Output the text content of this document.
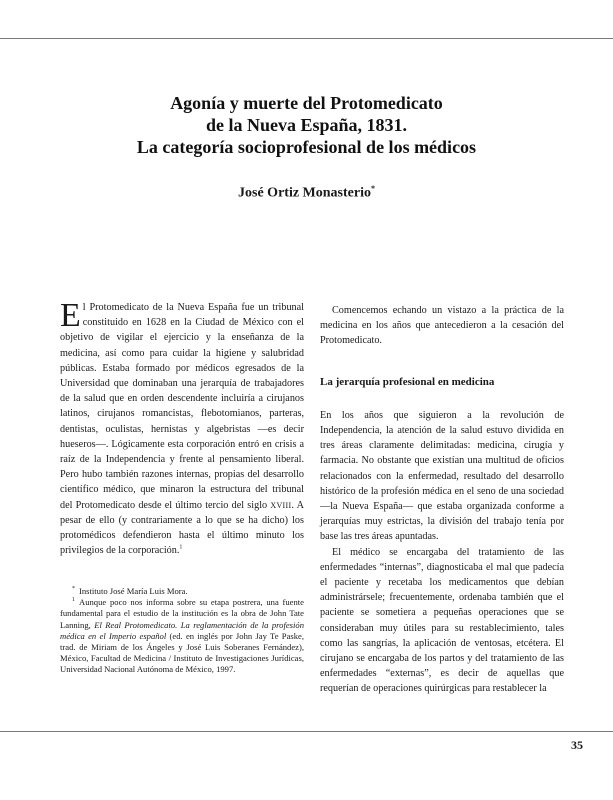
Agonía y muerte del Protomedicato
de la Nueva España, 1831.
La categoría socioprofesional de los médicos
José Ortiz Monasterio*

El Protomedicato de la Nueva España fue un tribunal constituido en 1628 en la Ciudad de México con el objetivo de vigilar el ejercicio y la enseñanza de la medicina, así como para cuidar la higiene y salubridad públicas. Estaba formado por médicos egresados de la Universidad que dominaban una jerarquía de trabajadores de la salud que en orden descendente incluiría a cirujanos latinos, cirujanos romancistas, flebotomianos, parteras, dentistas, oculistas, hernistas y algebristas —es decir hueseros—. Lógicamente esta corporación entró en crisis a raíz de la Independencia y frente al pensamiento liberal. Pero hubo también razones internas, propias del desarrollo científico médico, que minaron la estructura del tribunal del Protomedicato desde el último tercio del siglo XVIII. A pesar de ello (y contrariamente a lo que se ha dicho) los protomédicos defendieron hasta el último minuto los privilegios de la corporación.$^1$

* Instituto José María Luis Mora.

$^1$ Aunque poco nos informa sobre su etapa postrera, una fuente fundamental para el estudio de la institución es la obra de John Tate Lanning, El Real Protomedicato. La reglamentación de la profesión médica en el Imperio español (ed. en inglés por John Jay Te Paske, trad. de Miriam de los Ángeles y José Luis Soberanes Fernández), México, Facultad de Medicina / Instituto de Investigaciones Jurídicas, Universidad Nacional Autónoma de México, 1997.

Comencemos echando un vistazo a la práctica de la medicina en los años que antecedieron a la cesación del Protomedicato.

La jerarquía profesional en medicina

En los años que siguieron a la revolución de Independencia, la atención de la salud estuvo dividida en tres áreas claramente delimitadas: medicina, cirugía y farmacia. No obstante que existían una multitud de oficios relacionados con la enfermedad, resultado del desarrollo histórico de la profesión médica en el seno de una sociedad —la Nueva España— que estaba organizada conforme a jerarquías muy estrictas, la división del trabajo tenía por base las tres áreas apuntadas.

El médico se encargaba del tratamiento de las enfermedades “internas”, diagnosticaba el mal que padecía el paciente y recetaba los medicamentos que debían administrársele; frecuentemente, ordenaba también que el paciente se sometiera a pequeñas operaciones que se consideraban muy útiles para su restablecimiento, tales como las sangrías, la aplicación de ventosas, etcétera. El cirujano se encargaba de los partos y del tratamiento de las enfermedades “externas”, es decir de aquellas que requerían de operaciones quirúrgicas para restablecer la

35
